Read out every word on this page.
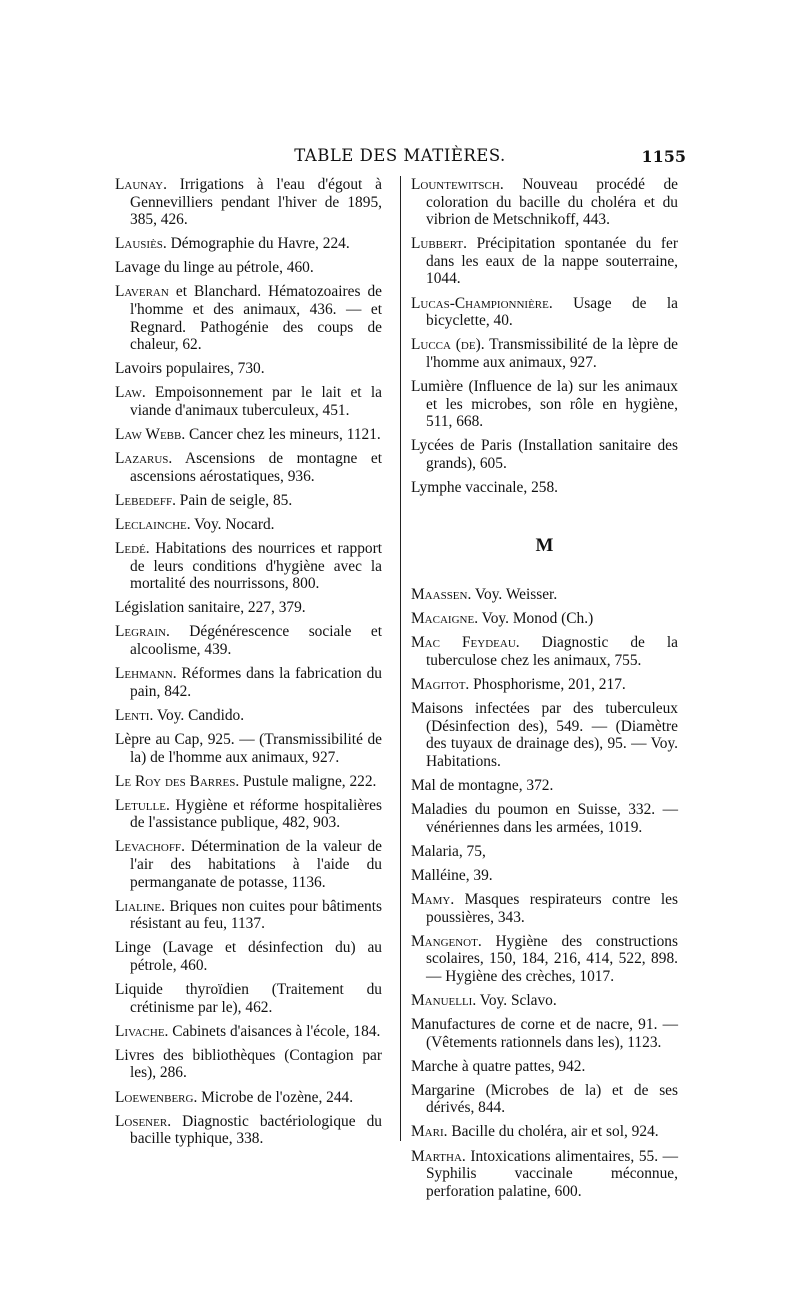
TABLE DES MATIÈRES.	1155

Launay. Irrigations à l'eau d'égout à Gennevilliers pendant l'hiver de 1895, 385, 426.

Lausiès. Démographie du Havre, 224.

Lavage du linge au pétrole, 460.

Laveran et Blanchard. Hématozoaires de l'homme et des animaux, 436. — et Regnard. Pathogénie des coups de chaleur, 62.

Lavoirs populaires, 730.

Law. Empoisonnement par le lait et la viande d'animaux tuberculeux, 451.

Law Webb. Cancer chez les mineurs, 1121.

Lazarus. Ascensions de montagne et ascensions aérostatiques, 936.

Lebedeff. Pain de seigle, 85.

Leclainche. Voy. Nocard.

Ledé. Habitations des nourrices et rapport de leurs conditions d'hygiène avec la mortalité des nourrissons, 800.

Législation sanitaire, 227, 379.

Legrain. Dégénérescence sociale et alcoolisme, 439.

Lehmann. Réformes dans la fabrication du pain, 842.

Lenti. Voy. Candido.

Lèpre au Cap, 925. — (Transmissibilité de la) de l'homme aux animaux, 927.

Le Roy des Barres. Pustule maligne, 222.

Letulle. Hygiène et réforme hospitalières de l'assistance publique, 482, 903.

Levachoff. Détermination de la valeur de l'air des habitations à l'aide du permanganate de potasse, 1136.

Lialine. Briques non cuites pour bâtiments résistant au feu, 1137.

Linge (Lavage et désinfection du) au pétrole, 460.

Liquide thyroïdien (Traitement du crétinisme par le), 462.

Livache. Cabinets d'aisances à l'école, 184.

Livres des bibliothèques (Contagion par les), 286.

Loewenberg. Microbe de l'ozène, 244.

Losener. Diagnostic bactériologique du bacille typhique, 338.

Lountewitsch. Nouveau procédé de coloration du bacille du choléra et du vibrion de Metschnikoff, 443.

Lubbert. Précipitation spontanée du fer dans les eaux de la nappe souterraine, 1044.

Lucas-Championnière. Usage de la bicyclette, 40.

Lucca (de). Transmissibilité de la lèpre de l'homme aux animaux, 927.

Lumière (Influence de la) sur les animaux et les microbes, son rôle en hygiène, 511, 668.

Lycées de Paris (Installation sanitaire des grands), 605.

Lymphe vaccinale, 258.

M

Maassen. Voy. Weisser.

Macaigne. Voy. Monod (Ch.)

Mac Feydeau. Diagnostic de la tuberculose chez les animaux, 755.

Magitot. Phosphorisme, 201, 217.

Maisons infectées par des tuberculeux (Désinfection des), 549. — (Diamètre des tuyaux de drainage des), 95. — Voy. Habitations.

Mal de montagne, 372.

Maladies du poumon en Suisse, 332. — vénériennes dans les armées, 1019.

Malaria, 75,

Malléine, 39.

Mamy. Masques respirateurs contre les poussières, 343.

Mangenot. Hygiène des constructions scolaires, 150, 184, 216, 414, 522, 898. — Hygiène des crèches, 1017.

Manuelli. Voy. Sclavo.

Manufactures de corne et de nacre, 91. — (Vêtements rationnels dans les), 1123.

Marche à quatre pattes, 942.

Margarine (Microbes de la) et de ses dérivés, 844.

Mari. Bacille du choléra, air et sol, 924.

Martha. Intoxications alimentaires, 55. — Syphilis vaccinale méconnue, perforation palatine, 600.
